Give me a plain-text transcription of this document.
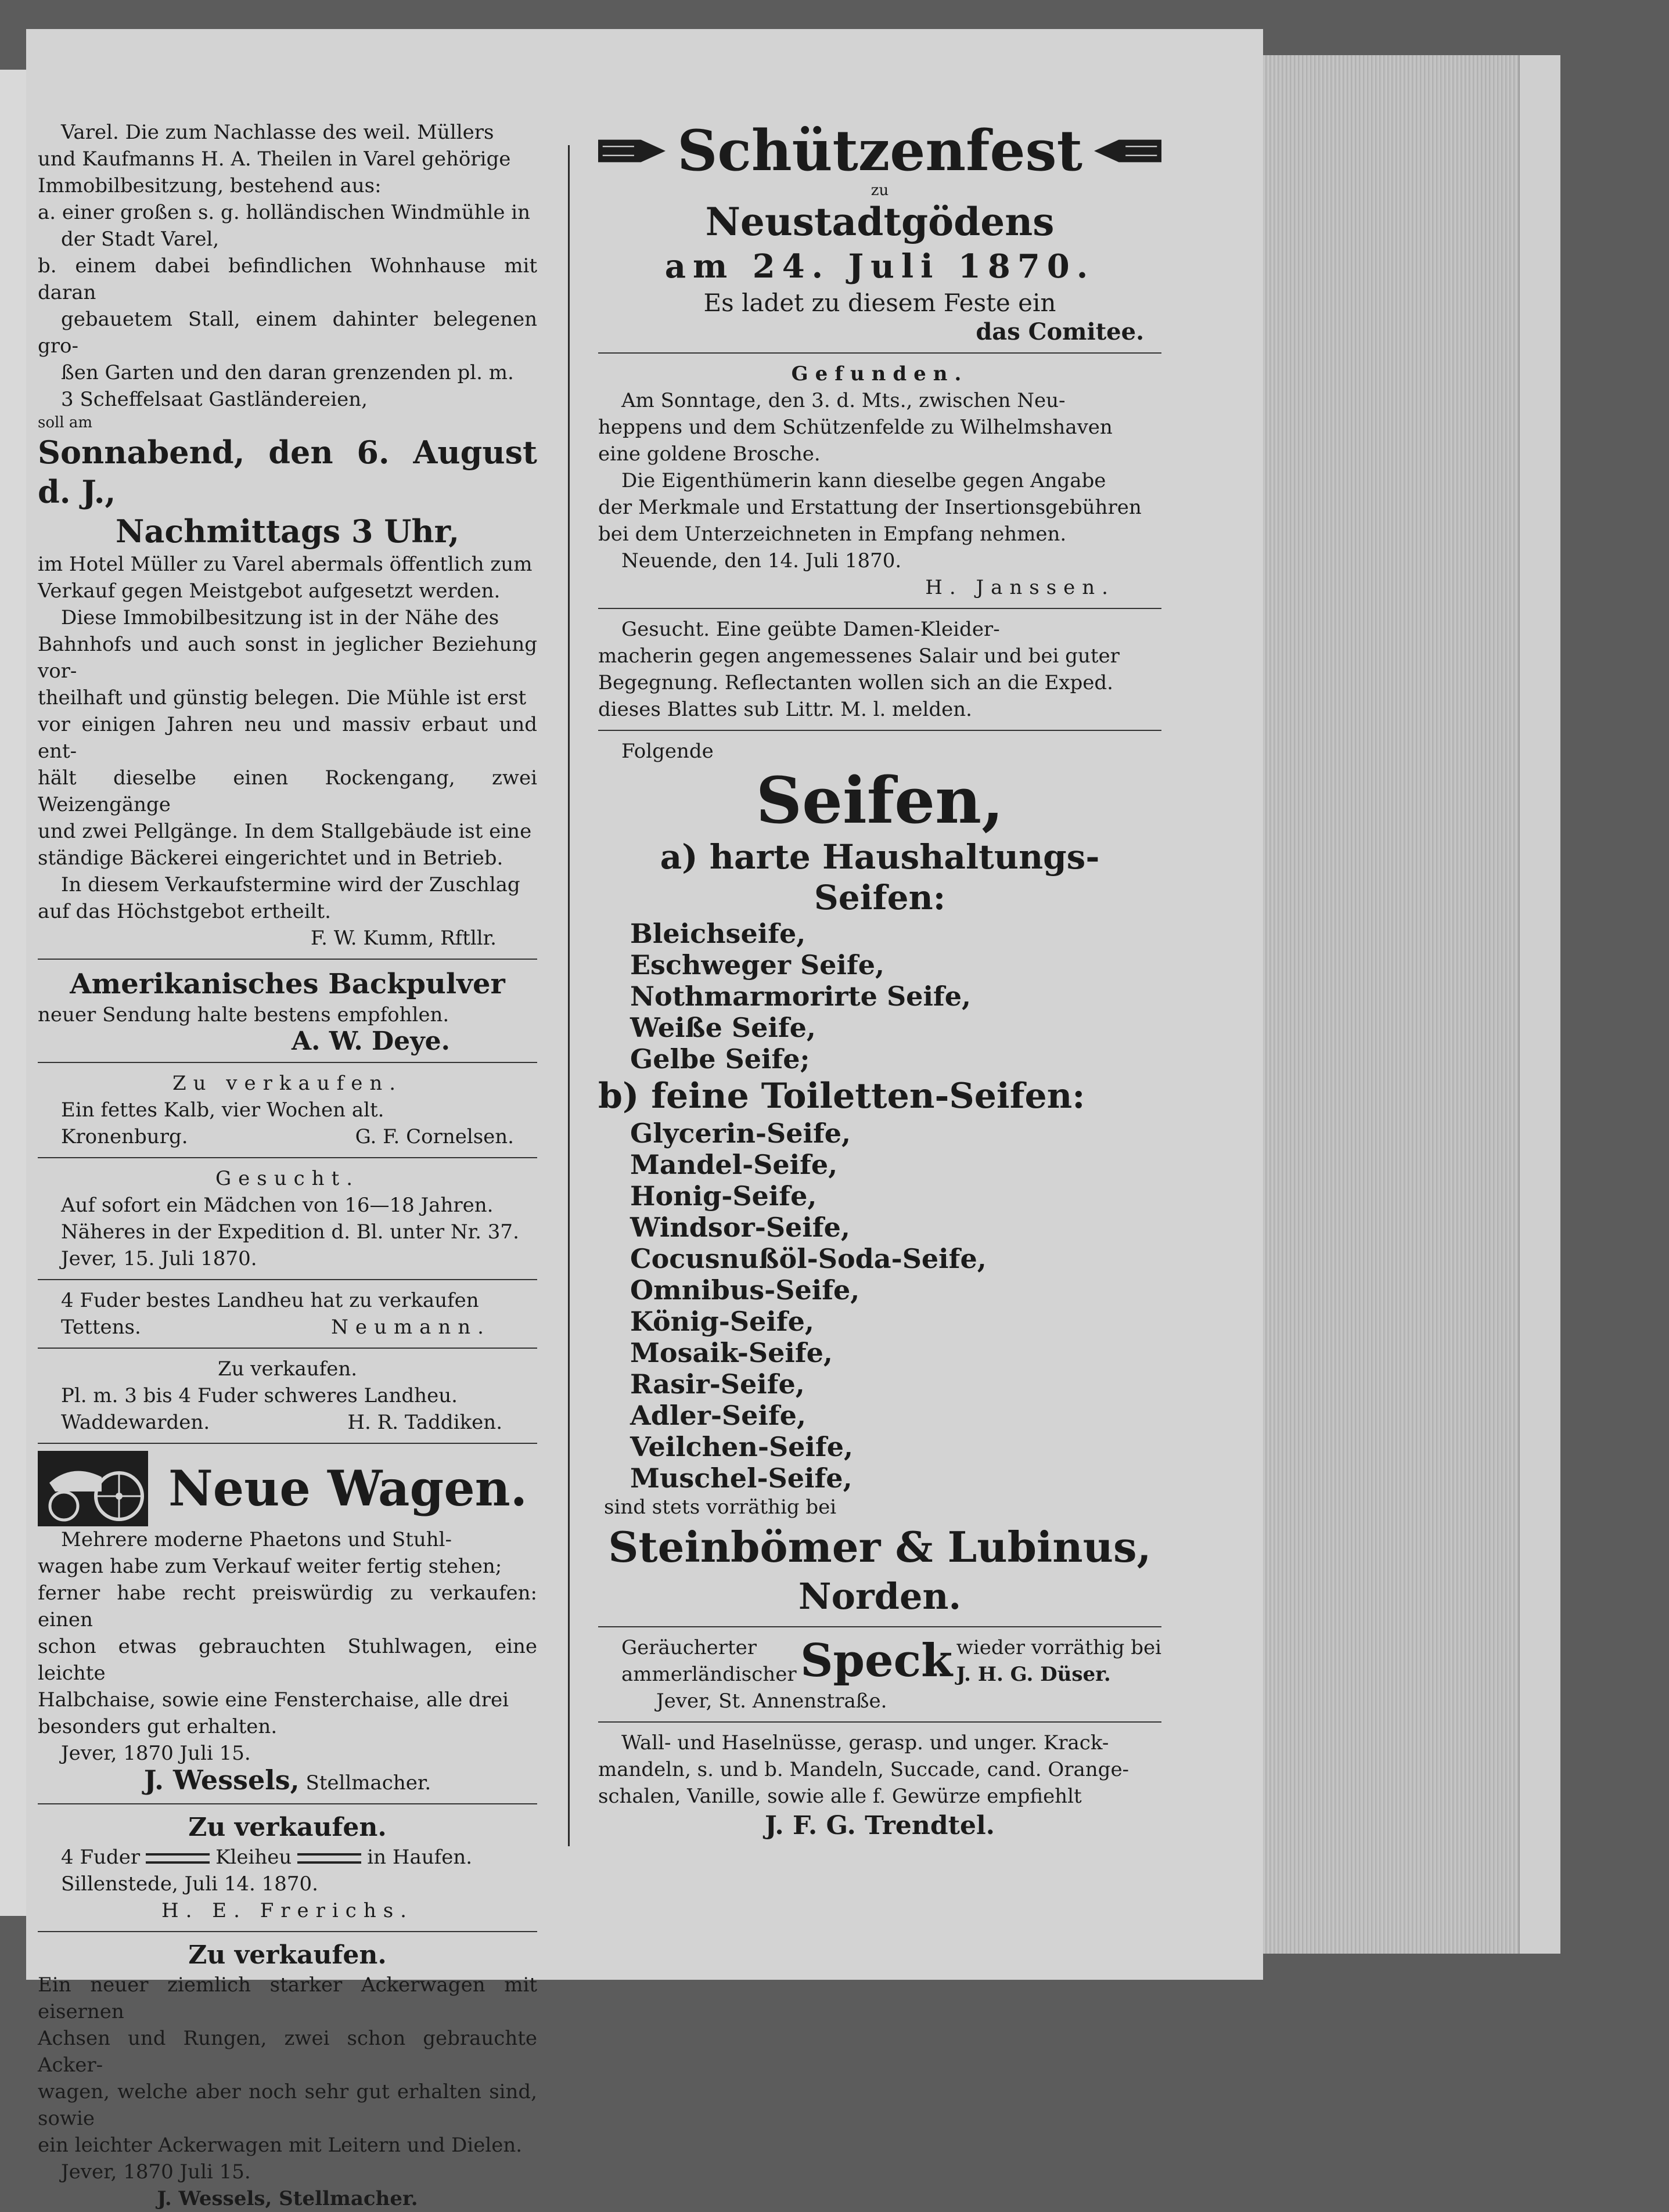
Varel. Die zum Nachlasse des weil. Müllers

und Kaufmanns H. A. Theilen in Varel gehörige

Immobilbesitzung, bestehend aus:

a. einer großen s. g. holländischen Windmühle in

der Stadt Varel,

b. einem dabei befindlichen Wohnhause mit daran

gebauetem Stall, einem dahinter belegenen gro-

ßen Garten und den daran grenzenden pl. m.

3 Scheffelsaat Gastländereien,

soll am

Sonnabend, den 6. August d. J.,

Nachmittags 3 Uhr,

im Hotel Müller zu Varel abermals öffentlich zum

Verkauf gegen Meistgebot aufgesetzt werden.

Diese Immobilbesitzung ist in der Nähe des

Bahnhofs und auch sonst in jeglicher Beziehung vor-

theilhaft und günstig belegen. Die Mühle ist erst

vor einigen Jahren neu und massiv erbaut und ent-

hält dieselbe einen Rockengang, zwei Weizengänge

und zwei Pellgänge. In dem Stallgebäude ist eine

ständige Bäckerei eingerichtet und in Betrieb.

In diesem Verkaufstermine wird der Zuschlag

auf das Höchstgebot ertheilt.

F. W. Kumm, Rftllr.

Amerikanisches Backpulver

neuer Sendung halte bestens empfohlen.

A. W. Deye.

Zu verkaufen.

Ein fettes Kalb, vier Wochen alt.

Kronenburg.	G. F. Cornelsen.

Gesucht.

Auf sofort ein Mädchen von 16—18 Jahren.

Näheres in der Expedition d. Bl. unter Nr. 37.

Jever, 15. Juli 1870.

4 Fuder bestes Landheu hat zu verkaufen

Tettens.	Neumann.

Zu verkaufen.

Pl. m. 3 bis 4 Fuder schweres Landheu.

Waddewarden.	H. R. Taddiken.
Neue Wagen.

Mehrere moderne Phaetons und Stuhl-

wagen habe zum Verkauf weiter fertig stehen;

ferner habe recht preiswürdig zu verkaufen: einen

schon etwas gebrauchten Stuhlwagen, eine leichte

Halbchaise, sowie eine Fensterchaise, alle drei

besonders gut erhalten.

Jever, 1870 Juli 15.

J. Wessels, Stellmacher.

Zu verkaufen.

4 Fuder	Kleiheu	in Haufen.

Sillenstede, Juli 14. 1870.

H. E. Frerichs.

Zu verkaufen.

Ein neuer ziemlich starker Ackerwagen mit eisernen

Achsen und Rungen, zwei schon gebrauchte Acker-

wagen, welche aber noch sehr gut erhalten sind, sowie

ein leichter Ackerwagen mit Leitern und Dielen.

Jever, 1870 Juli 15.

J. Wessels, Stellmacher.

Schützenfest

zu

Neustadtgödens

am 24. Juli 1870.

Es ladet zu diesem Feste ein

das Comitee.

Gefunden.

Am Sonntage, den 3. d. Mts., zwischen Neu-

heppens und dem Schützenfelde zu Wilhelmshaven

eine goldene Brosche.

Die Eigenthümerin kann dieselbe gegen Angabe

der Merkmale und Erstattung der Insertionsgebühren

bei dem Unterzeichneten in Empfang nehmen.

Neuende, den 14. Juli 1870.

H. Janssen.

Gesucht. Eine geübte Damen-Kleider-

macherin gegen angemessenes Salair und bei guter

Begegnung. Reflectanten wollen sich an die Exped.

dieses Blattes sub Littr. M. l. melden.

Folgende

Seifen,

a) harte Haushaltungs-

Seifen:

Bleichseife,

Eschweger Seife,

Nothmarmorirte Seife,

Weiße Seife,

Gelbe Seife;

b) feine Toiletten-Seifen:

Glycerin-Seife,

Mandel-Seife,

Honig-Seife,

Windsor-Seife,

Cocusnußöl-Soda-Seife,

Omnibus-Seife,

König-Seife,

Mosaik-Seife,

Rasir-Seife,

Adler-Seife,

Veilchen-Seife,

Muschel-Seife,

sind stets vorräthig bei

Steinbömer & Lubinus,

Norden.

Geräucherter

ammerländischer Speck wieder vorräthig bei

J. H. G. Düser.

Jever, St. Annenstraße.

Wall- und Haselnüsse, gerasp. und unger. Krack-

mandeln, s. und b. Mandeln, Succade, cand. Orange-

schalen, Vanille, sowie alle f. Gewürze empfiehlt

J. F. G. Trendtel.
